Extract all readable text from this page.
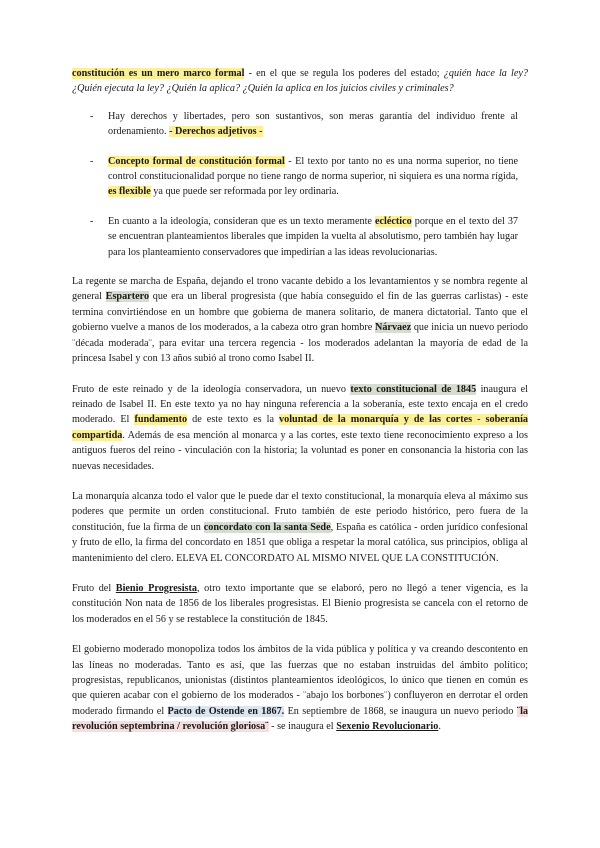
constitución es un mero marco formal - en el que se regula los poderes del estado; ¿quién hace la ley? ¿Quién ejecuta la ley? ¿Quién la aplica? ¿Quién la aplica en los juicios civiles y criminales?

- Hay derechos y libertades, pero son sustantivos, son meras garantía del individuo frente al ordenamiento. - Derechos adjetivos -
- Concepto formal de constitución formal - El texto por tanto no es una norma superior, no tiene control constitucionalidad porque no tiene rango de norma superior, ni siquiera es una norma rígida, es flexible ya que puede ser reformada por ley ordinaria.
- En cuanto a la ideología, consideran que es un texto meramente ecléctico porque en el texto del 37 se encuentran planteamientos liberales que impiden la vuelta al absolutismo, pero también hay lugar para los planteamiento conservadores que impedirían a las ideas revolucionarias.

La regente se marcha de España, dejando el trono vacante debido a los levantamientos y se nombra regente al general Espartero que era un liberal progresista (que había conseguido el fin de las guerras carlistas) - este termina convirtiéndose en un hombre que gobierna de manera solitario, de manera dictatorial. Tanto que el gobierno vuelve a manos de los moderados, a la cabeza otro gran hombre Nárvaez que inicia un nuevo periodo ¨década moderada¨, para evitar una tercera regencia - los moderados adelantan la mayoría de edad de la princesa Isabel y con 13 años subió al trono como Isabel II.

Fruto de este reinado y de la ideología conservadora, un nuevo texto constitucional de 1845 inaugura el reinado de Isabel II. En este texto ya no hay ninguna referencia a la soberanía, este texto encaja en el credo moderado. El fundamento de este texto es la voluntad de la monarquía y de las cortes - soberanía compartida. Además de esa mención al monarca y a las cortes, este texto tiene reconocimiento expreso a los antiguos fueros del reino - vinculación con la historia; la voluntad es poner en consonancia la historia con las nuevas necesidades.

La monarquía alcanza todo el valor que le puede dar el texto constitucional, la monarquía eleva al máximo sus poderes que permite un orden constitucional. Fruto también de este periodo histórico, pero fuera de la constitución, fue la firma de un concordato con la santa Sede, España es católica - orden jurídico confesional y fruto de ello, la firma del concordato en 1851 que obliga a respetar la moral católica, sus principios, obliga al mantenimiento del clero. ELEVA EL CONCORDATO AL MISMO NIVEL QUE LA CONSTITUCIÓN.

Fruto del Bienio Progresista, otro texto importante que se elaboró, pero no llegó a tener vigencia, es la constitución Non nata de 1856 de los liberales progresistas. El Bienio progresista se cancela con el retorno de los moderados en el 56 y se restablece la constitución de 1845.

El gobierno moderado monopoliza todos los ámbitos de la vida pública y política y va creando descontento en las líneas no moderadas. Tanto es así, que las fuerzas que no estaban instruidas del ámbito político; progresistas, republicanos, unionistas (distintos planteamientos ideológicos, lo único que tienen en común es que quieren acabar con el gobierno de los moderados - ¨abajo los borbones¨) confluyeron en derrotar el orden moderado firmando el Pacto de Ostende en 1867. En septiembre de 1868, se inaugura un nuevo periodo ¨la revolución septembrina / revolución gloriosa¨ - se inaugura el Sexenio Revolucionario.
